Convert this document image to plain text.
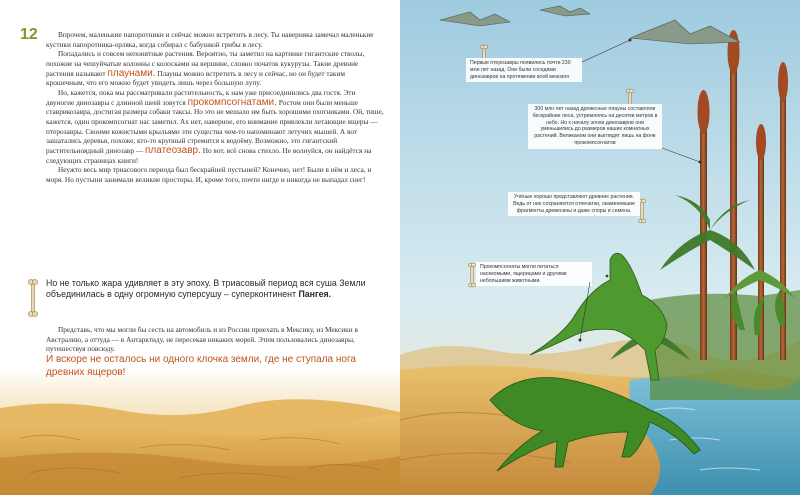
12	Впрочем, маленькие папоротники и сейчас можно встретить в лесу. Ты наверняка замечал маленькие кустики папоротника-орляка, когда собирал с бабушкой грибы в лесу.

Попадались и совсем непонятные растения. Вероятно, ты заметил на картинке гигантские стволы, похожие на чешуйчатые колонны с колосками на вершине, словно початок кукурузы. Такие древние растения называют плаунами. Плауны можно встретить в лесу и сейчас, но он будет таким крошечным, что его можно будет увидеть лишь через большую лупу.

Но, кажется, пока мы рассматривали растительность, к нам уже присоединились два гостя. Эти двуногие динозавры с длинной шеей зовутся прокомпсогнатами. Ростом они были меньше ставрикозавра, достигая размера собаки таксы. Но это не мешало им быть хорошими охотниками. Ой, тише, кажется, один прокомпсогнат нас заметил. Ах нет, наверное, его внимание привлекли летающие ящеры — птерозавры. Своими кожистыми крыльями эти существа чем-то напоминают летучих мышей. А вот зашатались деревья, похоже, кто-то крупный стремится к водоёму. Возможно, это гигантский растительноядный динозавр — платеозавр. Но вот, всё снова стихло. Не волнуйся, он найдётся на следующих страницах книги!

Неужто весь мир триасового периода был бескрайней пустыней? Конечно, нет! Были в нём и леса, и моря. Но пустыни занимали великие просторы. И, кроме того, почти нигде и никогда не выпадал снег!

Но не только жара удивляет в эту эпоху. В триасовый период вся суша Земли объединилась в одну огромную суперсушу – суперконтинент Пангея.

Представь, что мы могли бы сесть на автомобиль и из России приехать в Мексику, из Мексики в Австралию, а оттуда — в Антарктиду, не пересекая никаких морей. Этим пользовались динозавры, путешествуя повсюду.

И вскоре не осталось ни одного клочка земли, где не ступала нога древних ящеров!
Первые птерозавры появились почти 230 млн лет назад. Они были соседями динозавров на протяжении всей мезозоя
300 млн лет назад древесные плауны составляли бескрайние леса, устремляясь на десятки метров в небо. Но к началу эпохи динозавров они уменьшились до размеров наших комнатных растений. Великаном они выглядят лишь на фоне прокомпсогнатов
Учёные хорошо представляют древние растения. Ведь от них сохраняются отпечатки, окаменевшие фрагменты древесины и даже споры и семена.
Прокомпсогнаты могли питаться насекомыми, ящерицами и другими небольшими животными.
